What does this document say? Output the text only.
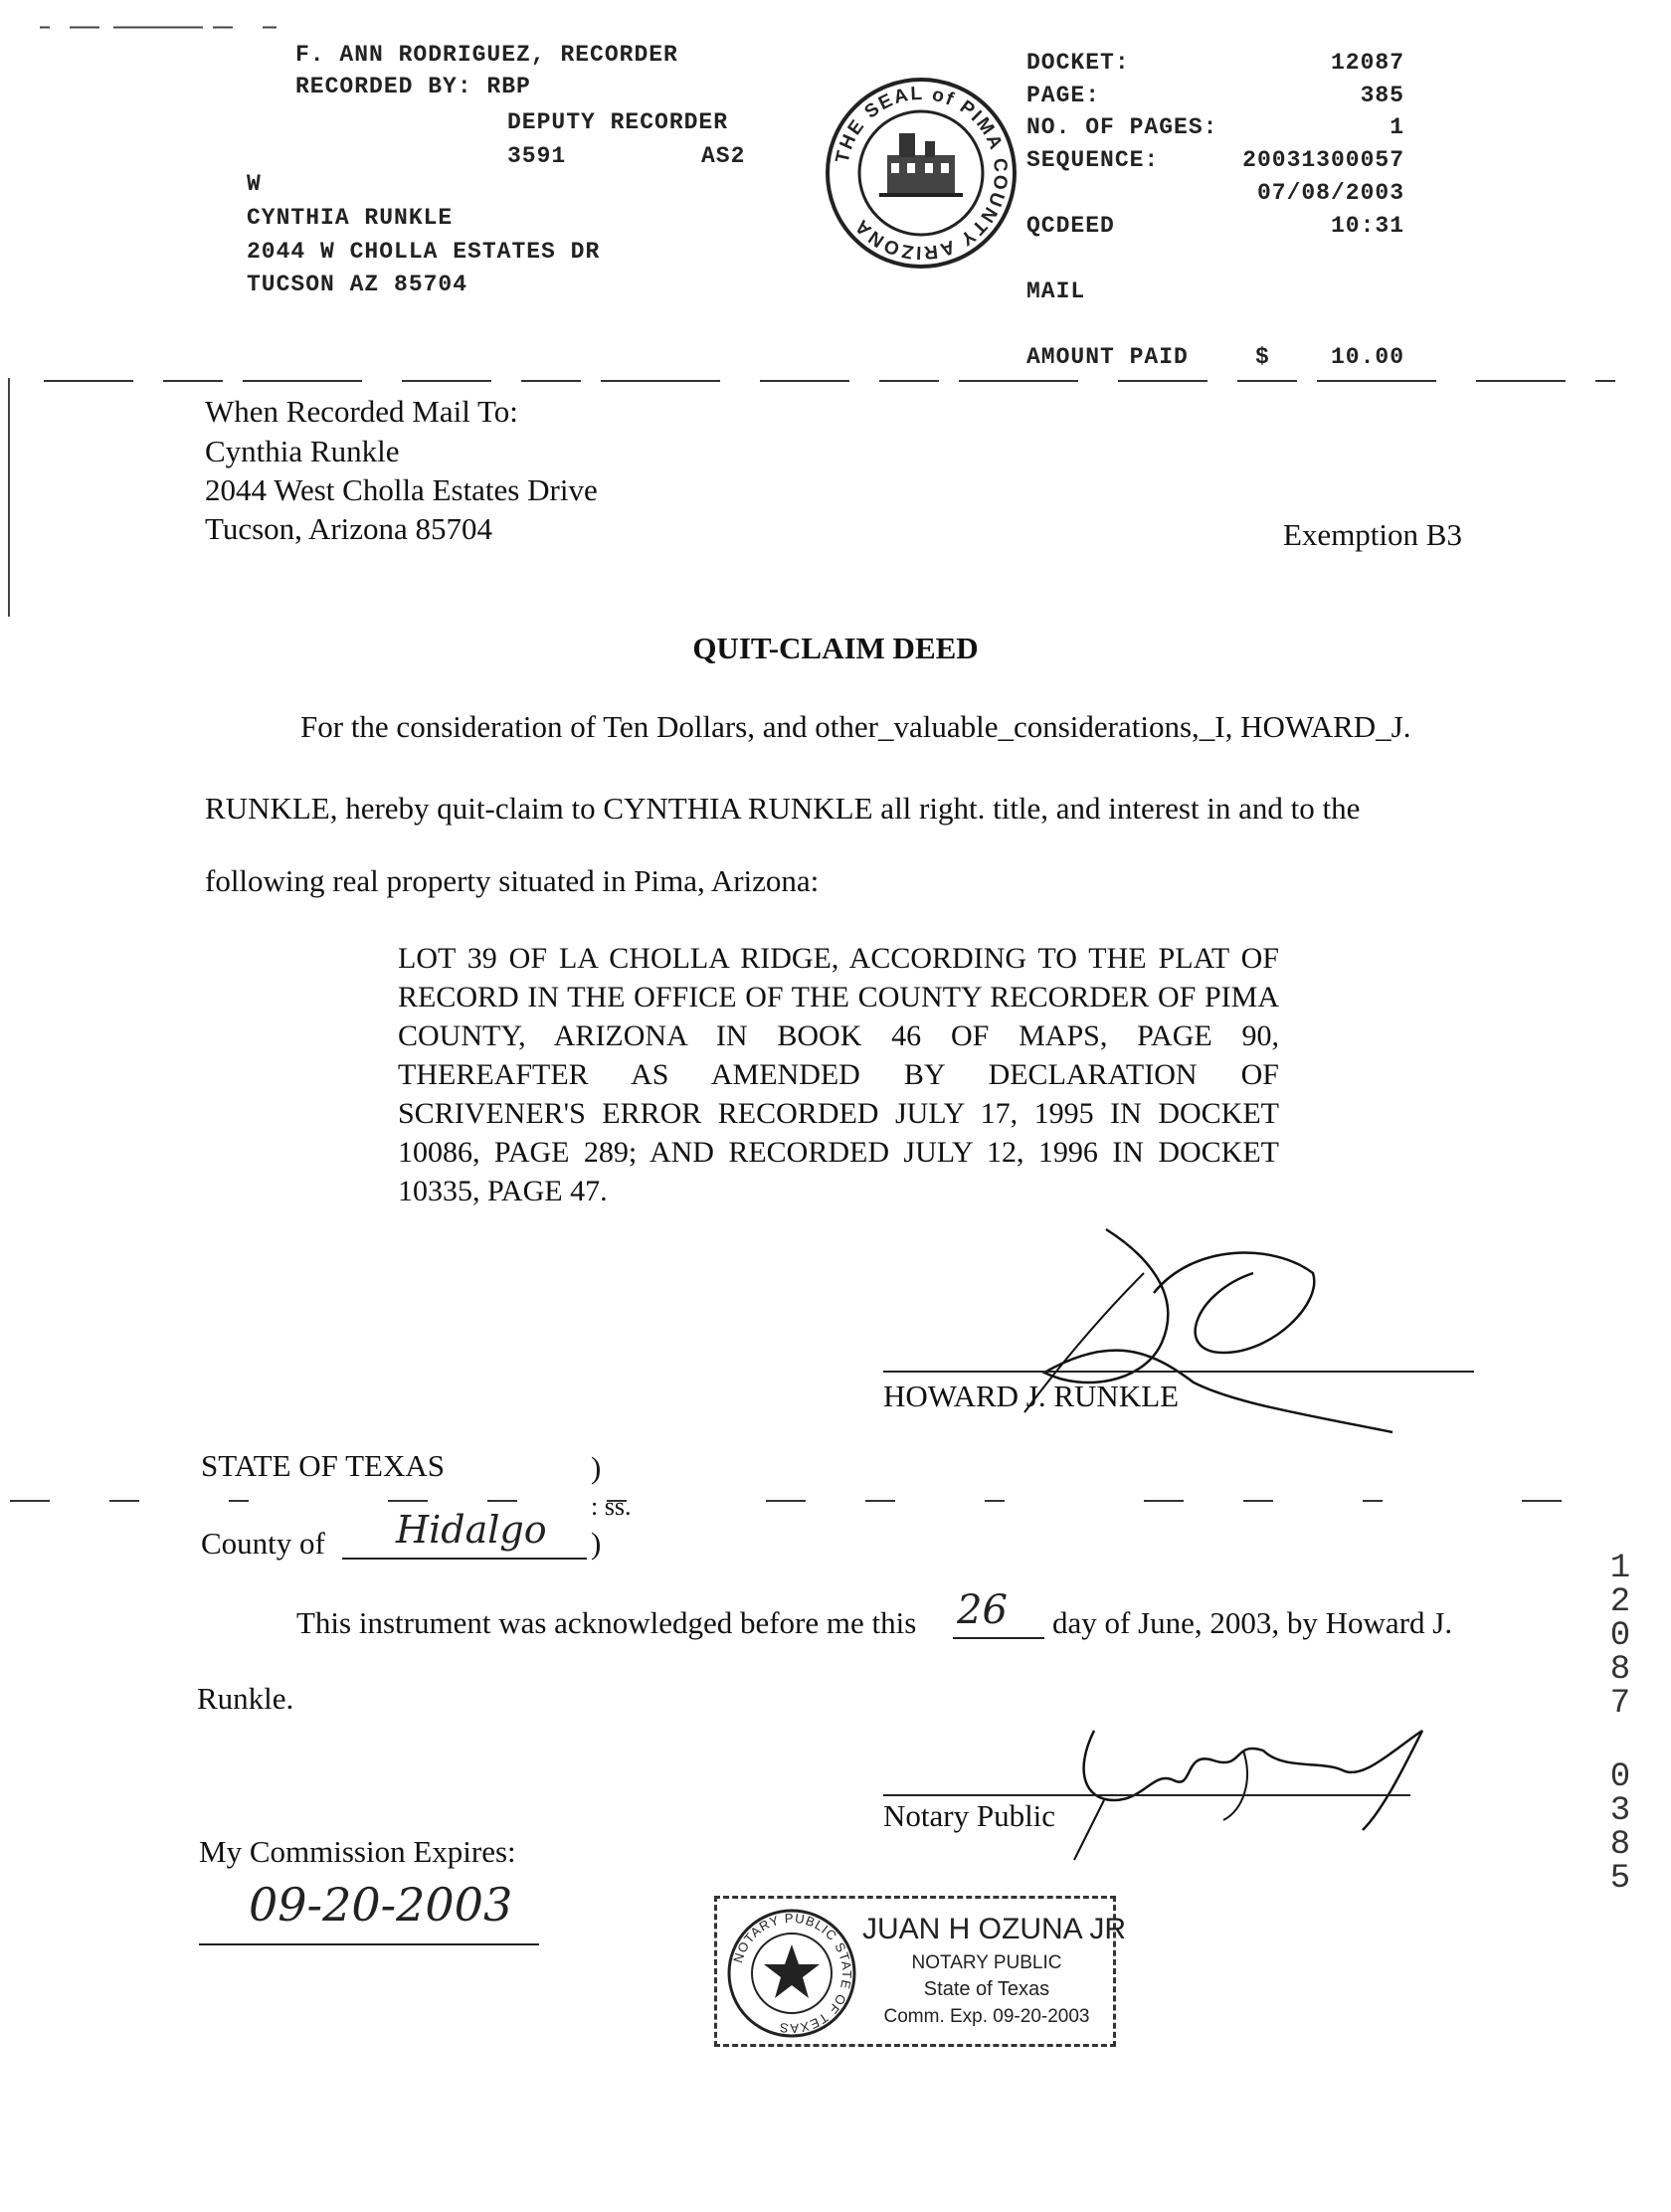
F. ANN RODRIGUEZ, RECORDER
RECORDED BY: RBP
DEPUTY RECORDER
3591	AS2
W
CYNTHIA RUNKLE
2044 W CHOLLA ESTATES DR
TUCSON AZ 85704
THE SEAL of PIMA COUNTY ARIZONA
DOCKET:	12087
PAGE:	385
NO. OF PAGES:	1
SEQUENCE:	20031300057
07/08/2003
QCDEED	10:31
MAIL
AMOUNT PAID	$	10.00
When Recorded Mail To:
Cynthia Runkle
2044 West Cholla Estates Drive
Tucson, Arizona 85704	Exemption B3
QUIT-CLAIM DEED
For the consideration of Ten Dollars, and other_valuable_considerations,_I, HOWARD_J.
RUNKLE, hereby quit-claim to CYNTHIA RUNKLE all right. title, and interest in and to the
following real property situated in Pima, Arizona:
LOT 39 OF LA CHOLLA RIDGE, ACCORDING TO THE PLAT OF RECORD IN THE OFFICE OF THE COUNTY RECORDER OF PIMA COUNTY, ARIZONA IN BOOK 46 OF MAPS, PAGE 90, THEREAFTER AS AMENDED BY DECLARATION OF SCRIVENER'S ERROR RECORDED JULY 17, 1995 IN DOCKET 10086, PAGE 289; AND RECORDED JULY 12, 1996 IN DOCKET 10335, PAGE 47.
HOWARD J. RUNKLE
STATE OF TEXAS	)
: ss.
County of Hidalgo )
This instrument was acknowledged before me this 26 day of June, 2003, by Howard J.
Runkle.
Notary Public
My Commission Expires:
09-20-2003
NOTARY PUBLIC STATE OF TEXAS
JUAN H OZUNA JR
NOTARY PUBLIC
State of Texas
Comm. Exp. 09-20-2003
1
2
0
8
7
0
3
8
5
